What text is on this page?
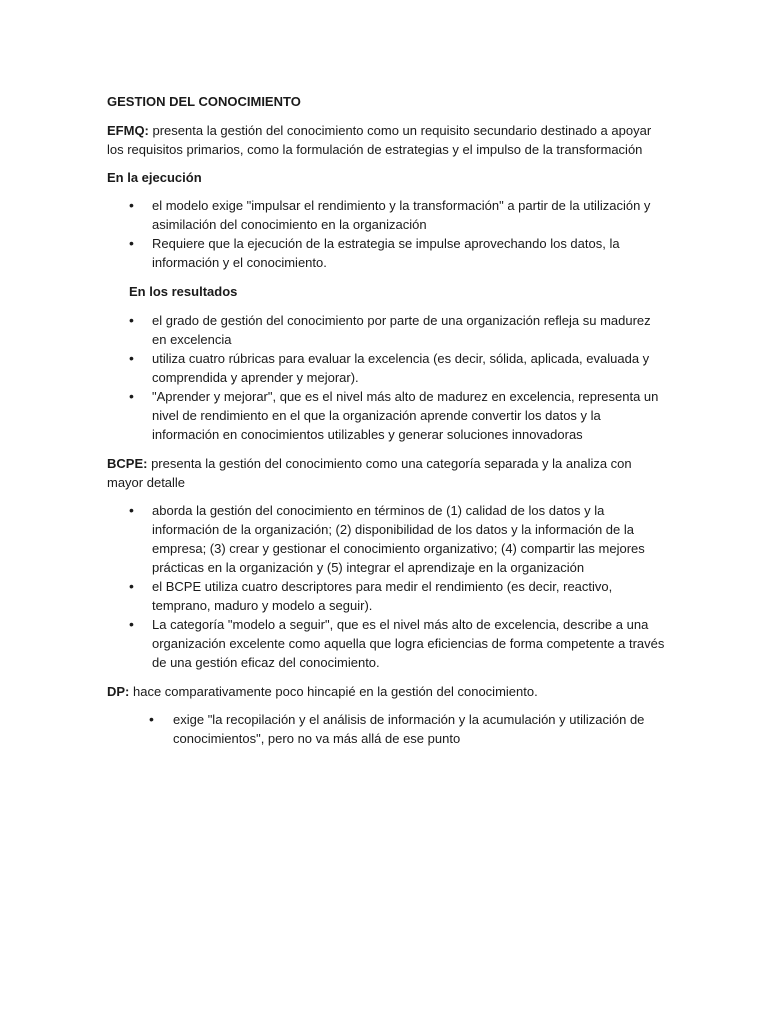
GESTION DEL CONOCIMIENTO

EFMQ: presenta la gestión del conocimiento como un requisito secundario destinado a apoyar los requisitos primarios, como la formulación de estrategias y el impulso de la transformación

En la ejecución

• el modelo exige "impulsar el rendimiento y la transformación" a partir de la utilización y asimilación del conocimiento en la organización
• Requiere que la ejecución de la estrategia se impulse aprovechando los datos, la información y el conocimiento.
En los resultados
• el grado de gestión del conocimiento por parte de una organización refleja su madurez en excelencia
• utiliza cuatro rúbricas para evaluar la excelencia (es decir, sólida, aplicada, evaluada y comprendida y aprender y mejorar).
• "Aprender y mejorar", que es el nivel más alto de madurez en excelencia, representa un nivel de rendimiento en el que la organización aprende convertir los datos y la información en conocimientos utilizables y generar soluciones innovadoras

BCPE: presenta la gestión del conocimiento como una categoría separada y la analiza con mayor detalle

• aborda la gestión del conocimiento en términos de (1) calidad de los datos y la información de la organización; (2) disponibilidad de los datos y la información de la empresa; (3) crear y gestionar el conocimiento organizativo; (4) compartir las mejores prácticas en la organización y (5) integrar el aprendizaje en la organización
• el BCPE utiliza cuatro descriptores para medir el rendimiento (es decir, reactivo, temprano, maduro y modelo a seguir).
• La categoría "modelo a seguir", que es el nivel más alto de excelencia, describe a una organización excelente como aquella que logra eficiencias de forma competente a través de una gestión eficaz del conocimiento.

DP: hace comparativamente poco hincapié en la gestión del conocimiento.

• exige "la recopilación y el análisis de información y la acumulación y utilización de conocimientos", pero no va más allá de ese punto
